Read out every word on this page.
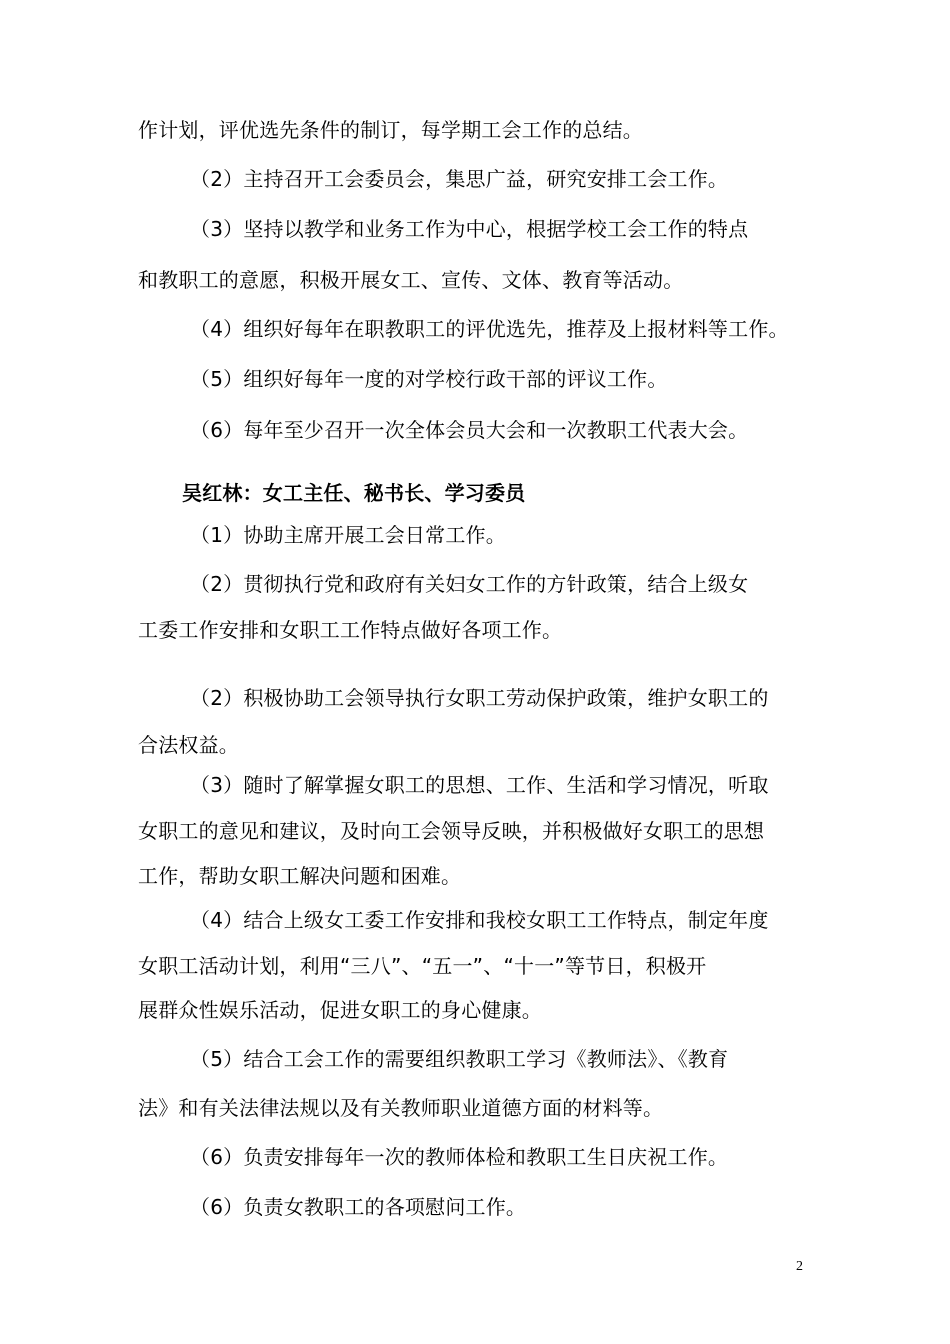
作计划，评优选先条件的制订，每学期工会工作的总结。
（2）主持召开工会委员会，集思广益，研究安排工会工作。
（3）坚持以教学和业务工作为中心，根据学校工会工作的特点
和教职工的意愿，积极开展女工、宣传、文体、教育等活动。
（4）组织好每年在职教职工的评优选先，推荐及上报材料等工作。
（5）组织好每年一度的对学校行政干部的评议工作。
（6）每年至少召开一次全体会员大会和一次教职工代表大会。
吴红林：女工主任、秘书长、学习委员
（1）协助主席开展工会日常工作。
（2）贯彻执行党和政府有关妇女工作的方针政策，结合上级女
工委工作安排和女职工工作特点做好各项工作。
（2）积极协助工会领导执行女职工劳动保护政策，维护女职工的
合法权益。
（3）随时了解掌握女职工的思想、工作、生活和学习情况，听取
女职工的意见和建议，及时向工会领导反映，并积极做好女职工的思想
工作，帮助女职工解决问题和困难。
（4）结合上级女工委工作安排和我校女职工工作特点，制定年度
女职工活动计划，利用“三八”、“五一”、“十一”等节日，积极开
展群众性娱乐活动，促进女职工的身心健康。
（5）结合工会工作的需要组织教职工学习《教师法》、《教育
法》和有关法律法规以及有关教师职业道德方面的材料等。
（6）负责安排每年一次的教师体检和教职工生日庆祝工作。
（6）负责女教职工的各项慰问工作。
2
